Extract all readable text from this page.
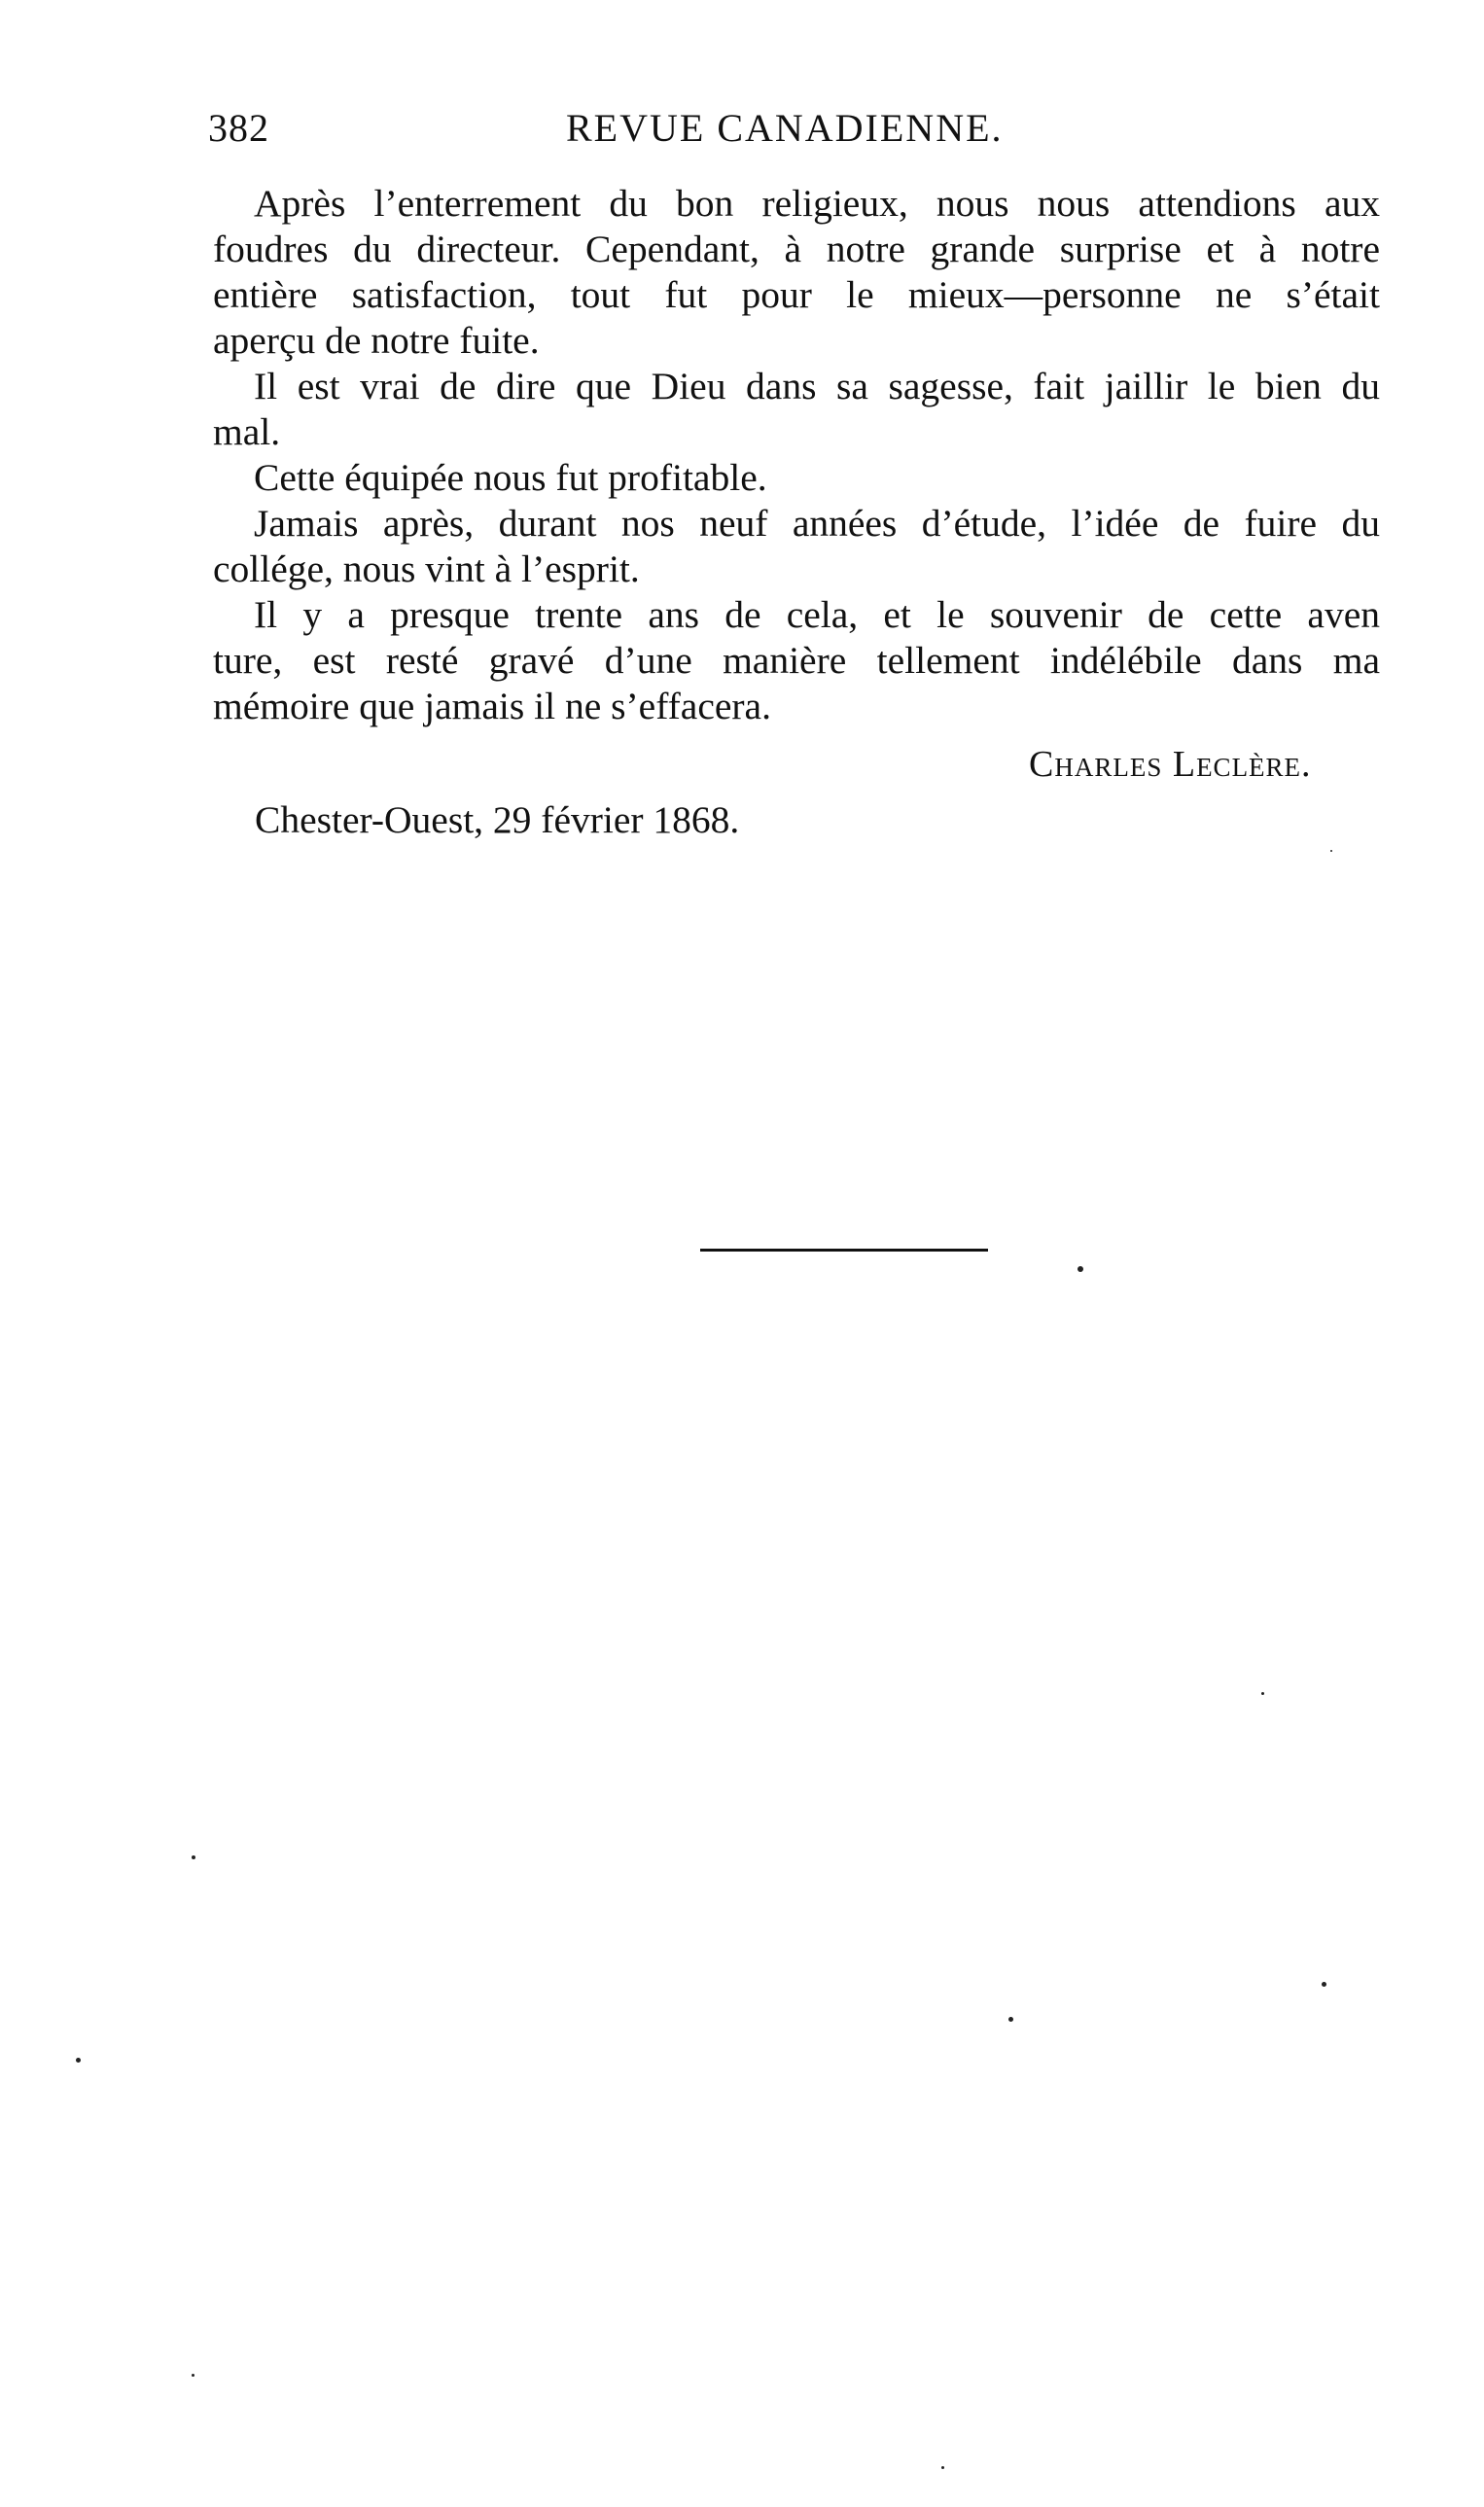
382	REVUE CANADIENNE.

Après l’enterrement du bon religieux, nous nous attendions aux
foudres du directeur. Cependant, à notre grande surprise et à notre
entière satisfaction, tout fut pour le mieux—personne ne s’était
aperçu de notre fuite.

Il est vrai de dire que Dieu dans sa sagesse, fait jaillir le bien du
mal.

Cette équipée nous fut profitable.

Jamais après, durant nos neuf années d’étude, l’idée de fuire du
collége, nous vint à l’esprit.

Il y a presque trente ans de cela, et le souvenir de cette aven
ture, est resté gravé d’une manière tellement indélébile dans ma
mémoire que jamais il ne s’effacera.

Charles Leclère.
Chester-Ouest, 29 février 1868.
